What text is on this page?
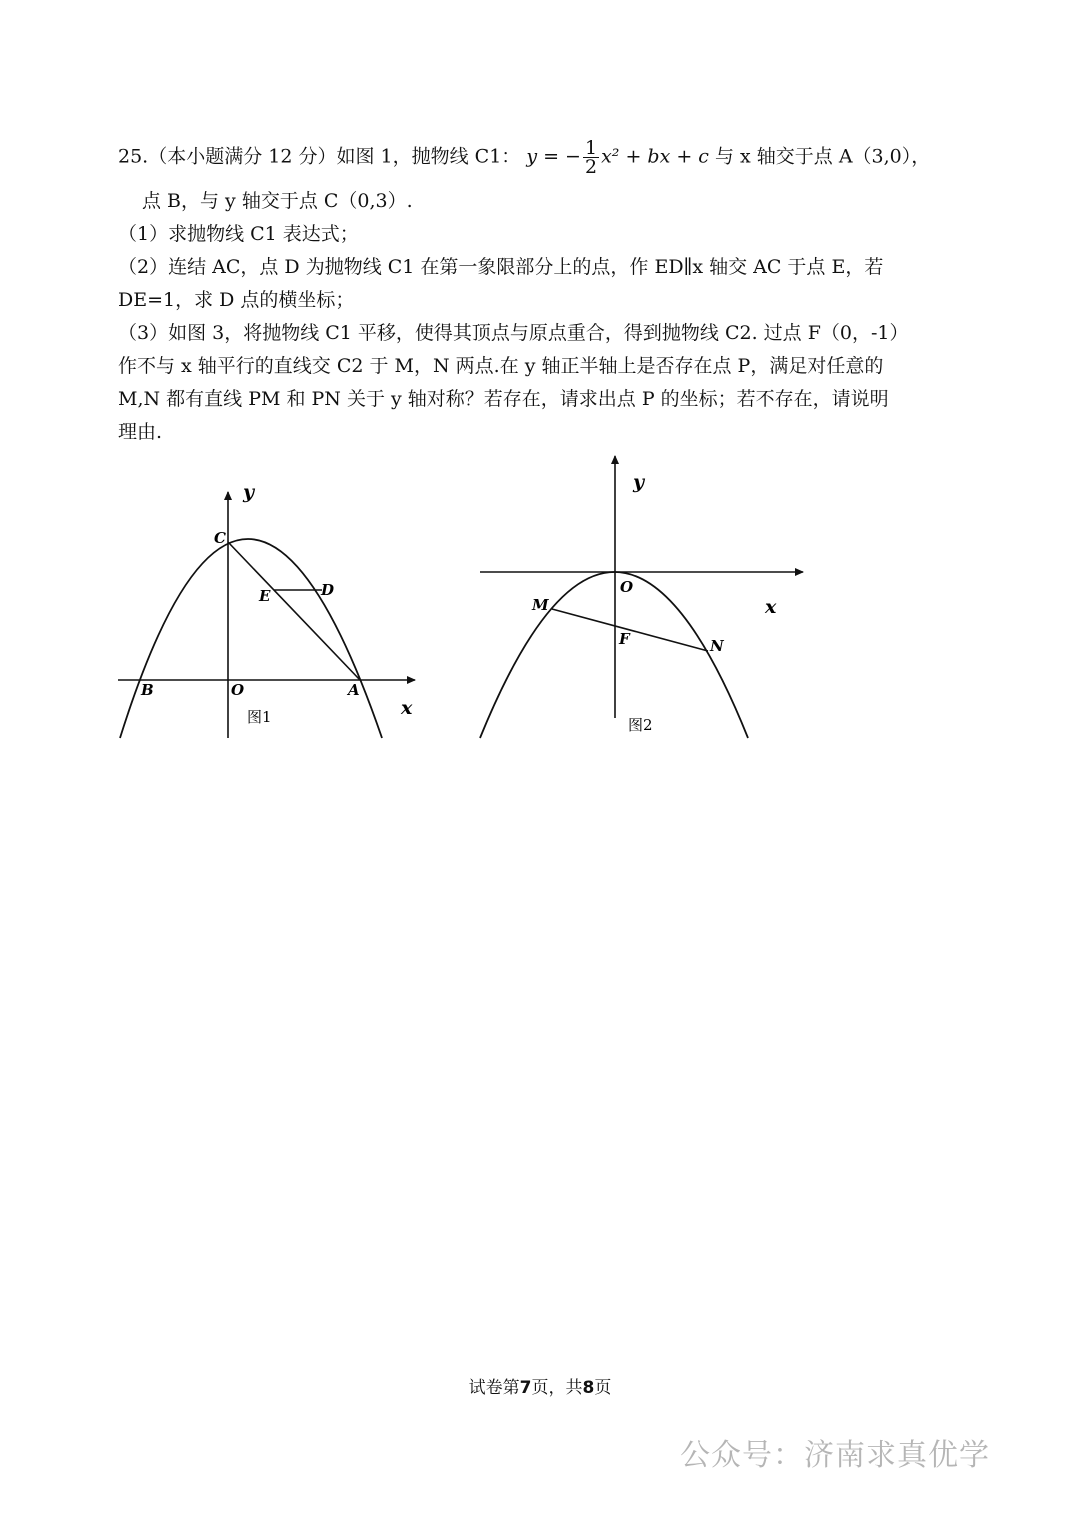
25.（本小题满分 12 分）如图 1，抛物线 C1： y = − $\frac{1}{2} x^2$ + bx + c 与 x 轴交于点 A（3,0），
点 B，与 y 轴交于点 C（0,3）.
（1）求抛物线 C1 表达式；
（2）连结 AC，点 D 为抛物线 C1 在第一象限部分上的点，作 ED∥x 轴交 AC 于点 E，若
DE=1，求 D 点的横坐标；
（3）如图 3，将抛物线 C1 平移，使得其顶点与原点重合，得到抛物线 C2. 过点 F（0，-1）
作不与 x 轴平行的直线交 C2 于 M，N 两点.在 y 轴正半轴上是否存在点 P，满足对任意的
M,N 都有直线 PM 和 PN 关于 y 轴对称？若存在，请求出点 P 的坐标；若不存在，请说明
理由.
y
x
C
E	D
B	O	A
图1
y
x
O
M
F	N
图2
试卷第7页，共8页
公众号：济南求真优学
